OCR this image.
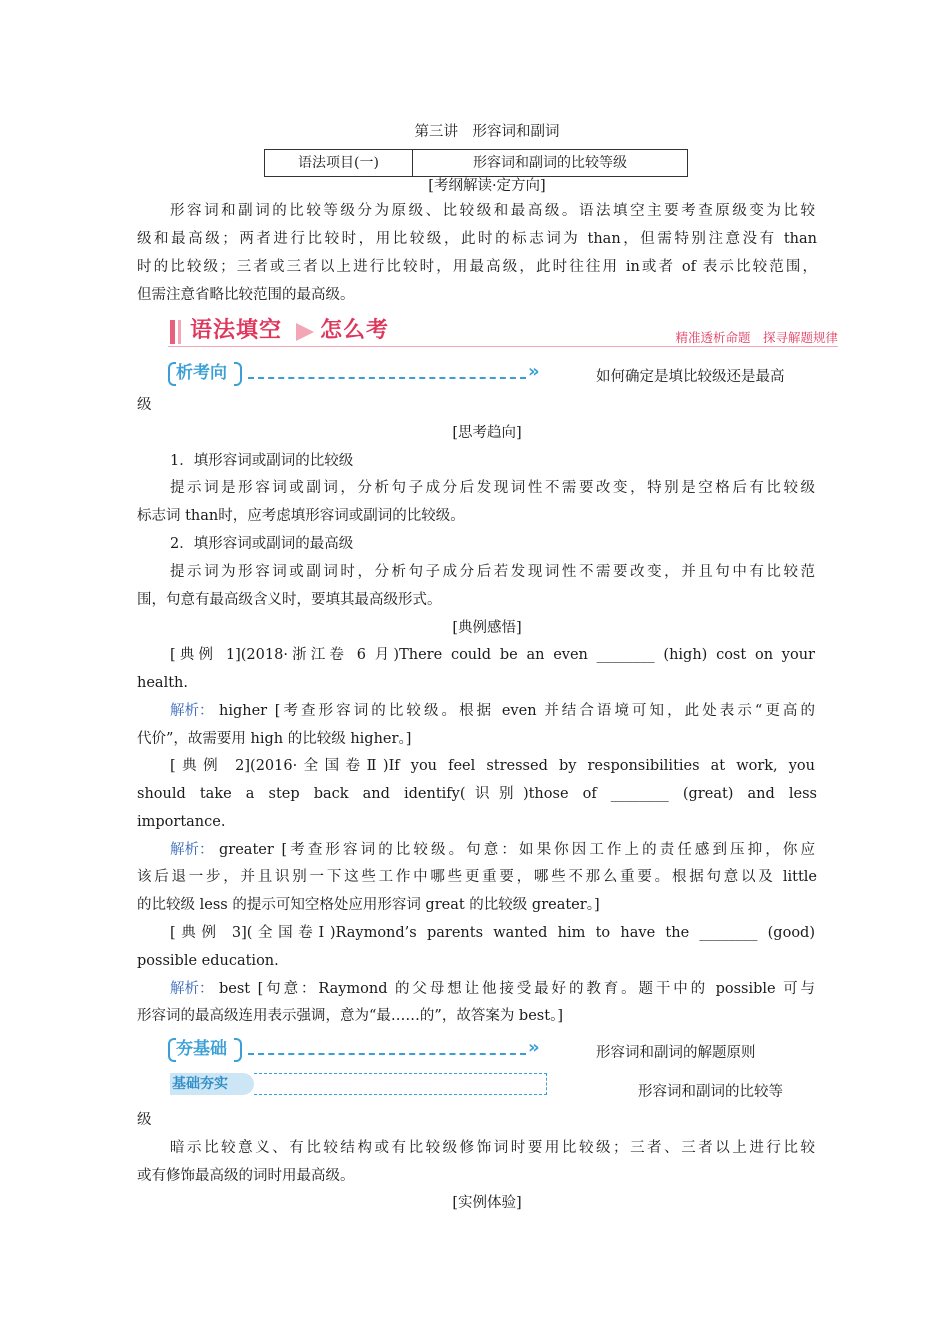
第三讲　形容词和副词
语法项目(一)	形容词和副词的比较等级
[考纲解读·定方向]
形容词和副词的比较等级分为原级、比较级和最高级。语法填空主要考查原级变为比较
级和最高级；两者进行比较时，用比较级，此时的标志词为 than，但需特别注意没有 than
时的比较级；三者或三者以上进行比较时，用最高级，此时往往用 in或者 of 表示比较范围，
但需注意省略比较范围的最高级。
语法填空 怎么考	精准透析命题　探寻解题规律
析考向	»	如何确定是填比较级还是最高
级
[思考趋向]
1．填形容词或副词的比较级
提示词是形容词或副词，分析句子成分后发现词性不需要改变，特别是空格后有比较级
标志词 than时，应考虑填形容词或副词的比较级。
2．填形容词或副词的最高级
提示词为形容词或副词时，分析句子成分后若发现词性不需要改变，并且句中有比较范
围，句意有最高级含义时，要填其最高级形式。
[典例感悟]
[典例 1](2018·浙江卷 6 月)There could be an even ________ (high) cost on your
health.
解析： higher [考查形容词的比较级。根据 even 并结合语境可知，此处表示“更高的
代价”，故需要用 high 的比较级 higher。]
[典例 2](2016·全国卷Ⅱ)If you feel stressed by responsibilities at work, you
should take a step back and identify(识别)those of ________ (great) and less
importance.
解析： greater [考查形容词的比较级。句意：如果你因工作上的责任感到压抑，你应
该后退一步，并且识别一下这些工作中哪些更重要，哪些不那么重要。根据句意以及 little
的比较级 less 的提示可知空格处应用形容词 great 的比较级 greater。]
[典例 3](全国卷Ⅰ)Raymond’s parents wanted him to have the ________ (good)
possible education.
解析： best [句意：Raymond 的父母想让他接受最好的教育。题干中的 possible 可与
形容词的最高级连用表示强调，意为“最……的”，故答案为 best。]
夯基础	»	形容词和副词的解题原则
基础夯实	形容词和副词的比较等
级
暗示比较意义、有比较结构或有比较级修饰词时要用比较级；三者、三者以上进行比较
或有修饰最高级的词时用最高级。
[实例体验]
